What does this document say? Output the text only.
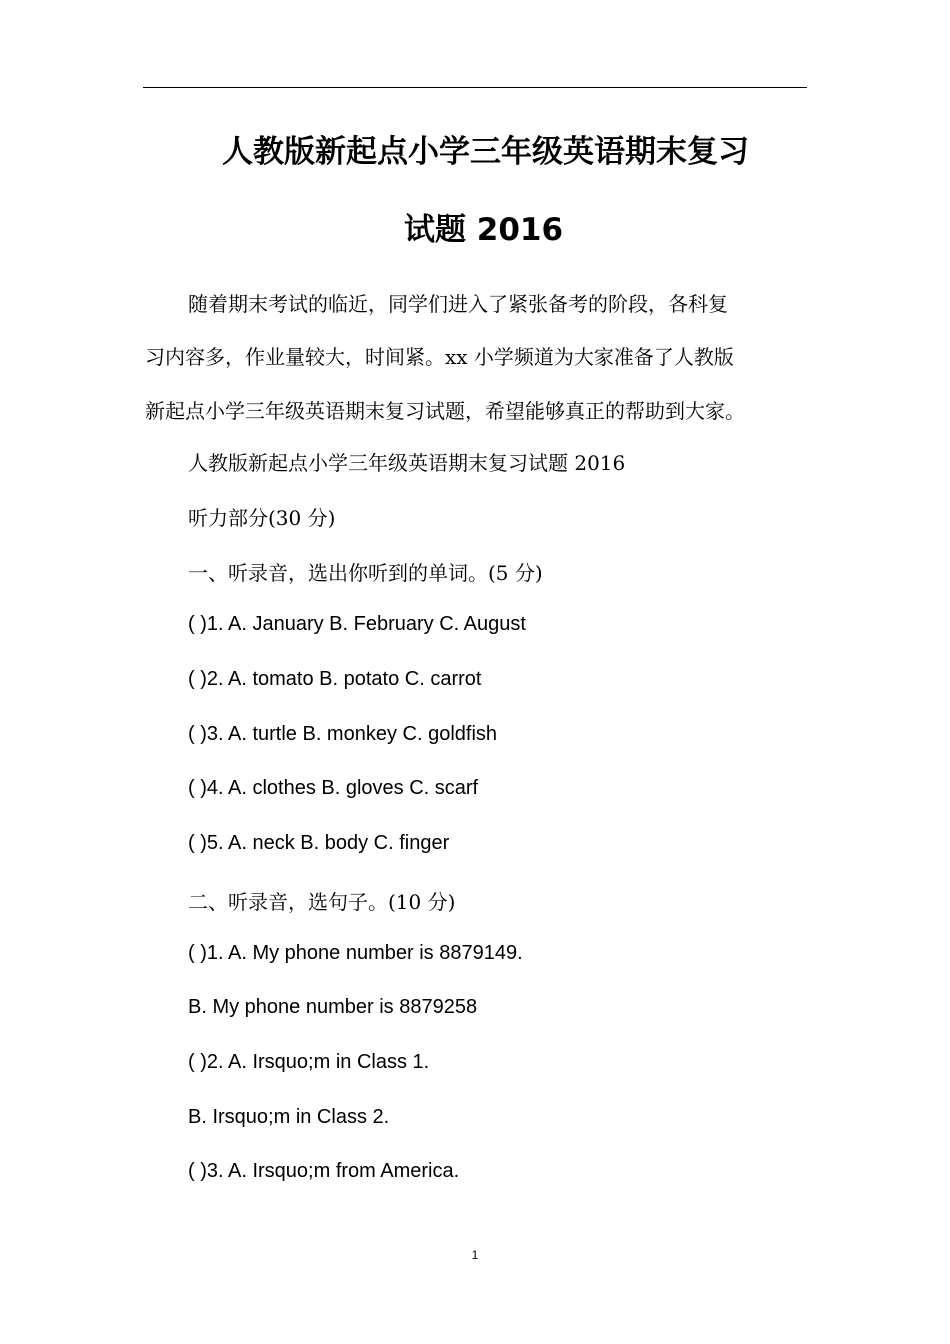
人教版新起点小学三年级英语期末复习
试题 2016
随着期末考试的临近，同学们进入了紧张备考的阶段，各科复
习内容多，作业量较大，时间紧。xx 小学频道为大家准备了人教版
新起点小学三年级英语期末复习试题，希望能够真正的帮助到大家。
人教版新起点小学三年级英语期末复习试题 2016
听力部分(30 分)
一、听录音，选出你听到的单词。(5 分)
( )1. A. January B. February C. August
( )2. A. tomato B. potato C. carrot
( )3. A. turtle B. monkey C. goldfish
( )4. A. clothes B. gloves C. scarf
( )5. A. neck B. body C. finger
二、听录音，选句子。(10 分)
( )1. A. My phone number is 8879149.
B. My phone number is 8879258
( )2. A. Irsquo;m in Class 1.
B. Irsquo;m in Class 2.
( )3. A. Irsquo;m from America.
1
